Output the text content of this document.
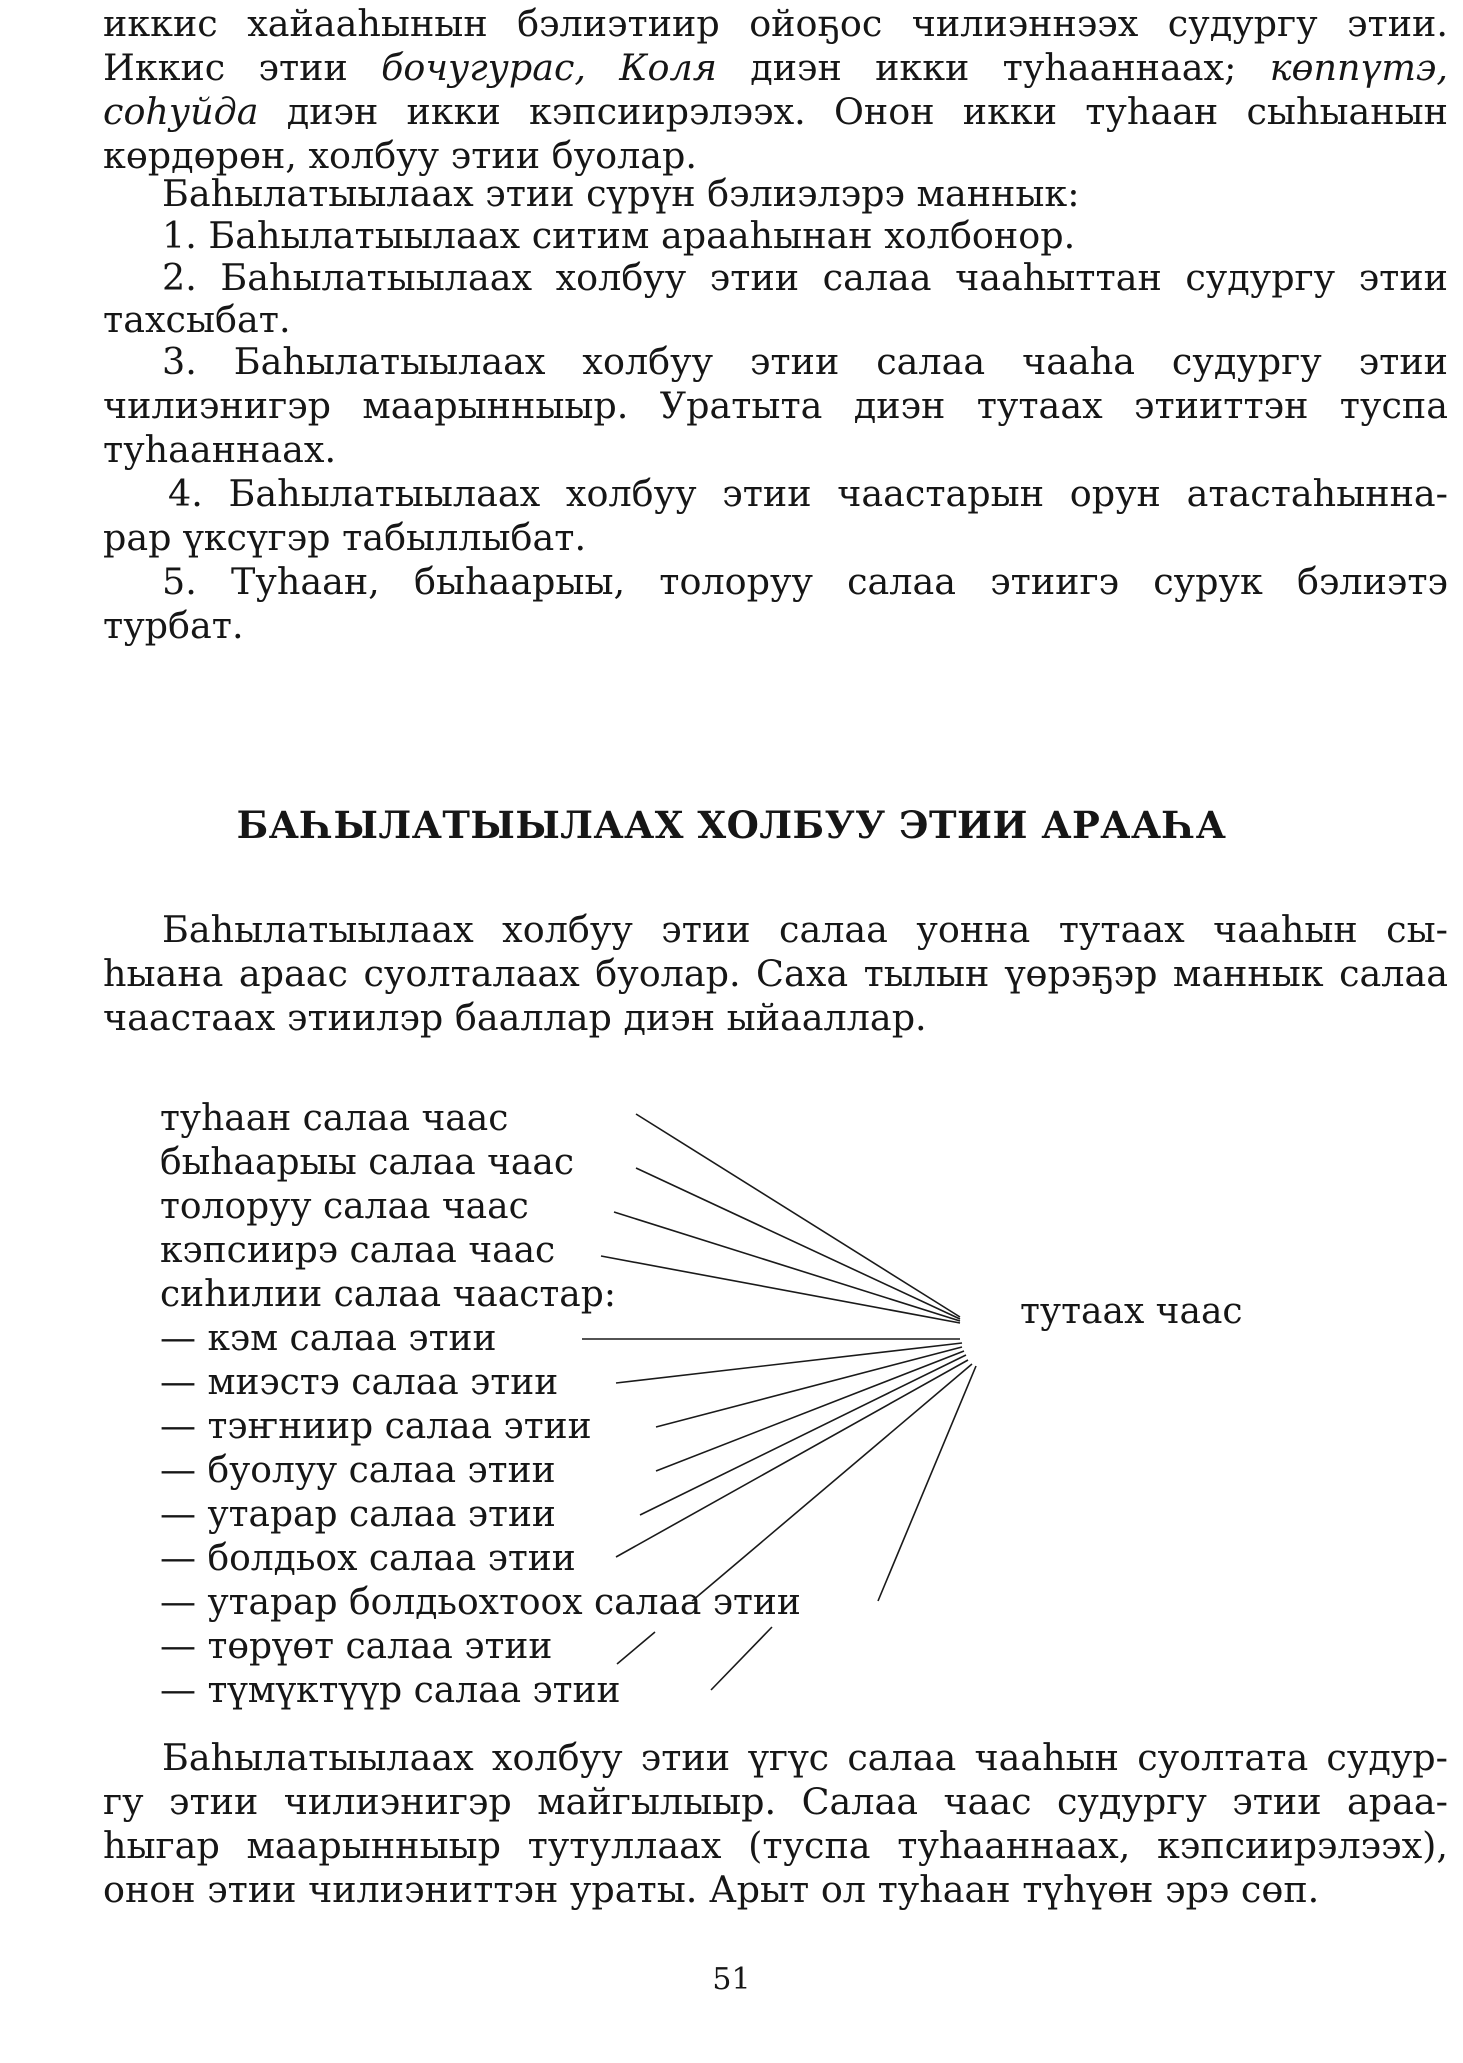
иккис хайааһынын бэлиэтиир ойоҕос чилиэннээх судургу этии.
Иккис этии бочугурас, Коля диэн икки туһааннаах; көппүтэ,
соһуйда диэн икки кэпсиирэлээх. Онон икки туһаан сыһыанын
көрдөрөн, холбуу этии буолар.
Баһылатыылаах этии сүрүн бэлиэлэрэ маннык:
1. Баһылатыылаах ситим арааһынан холбонор.
2. Баһылатыылаах холбуу этии салаа чааһыттан судургу этии
тахсыбат.
3. Баһылатыылаах холбуу этии салаа чааһа судургу этии
чилиэнигэр маарынныыр. Уратыта диэн тутаах этииттэн туспа
туһааннаах.
4. Баһылатыылаах холбуу этии чаастарын орун атастаһынна-
рар үксүгэр табыллыбат.
5. Туһаан, быһаарыы, толоруу салаа этиигэ сурук бэлиэтэ
турбат.
БАҺЫЛАТЫЫЛААХ ХОЛБУУ ЭТИИ АРААҺА
Баһылатыылаах холбуу этии салаа уонна тутаах чааһын сы-
һыана араас суолталаах буолар. Саха тылын үөрэҕэр маннык салаа
чаастаах этиилэр бааллар диэн ыйааллар.
туһаан салаа чаас
быһаарыы салаа чаас
толоруу салаа чаас
кэпсиирэ салаа чаас
сиһилии салаа чаастар:
— кэм салаа этии
— миэстэ салаа этии
— тэҥниир салаа этии
— буолуу салаа этии
— утарар салаа этии
— болдьох салаа этии
— утарар болдьохтоох салаа этии
— төрүөт салаа этии
— түмүктүүр салаа этии
тутаах чаас
Баһылатыылаах холбуу этии үгүс салаа чааһын суолтата судур-
гу этии чилиэнигэр майгылыыр. Салаа чаас судургу этии араа-
һыгар маарынныыр тутуллаах (туспа туһааннаах, кэпсиирэлээх),
онон этии чилиэниттэн ураты. Арыт ол туһаан түһүөн эрэ сөп.
51
